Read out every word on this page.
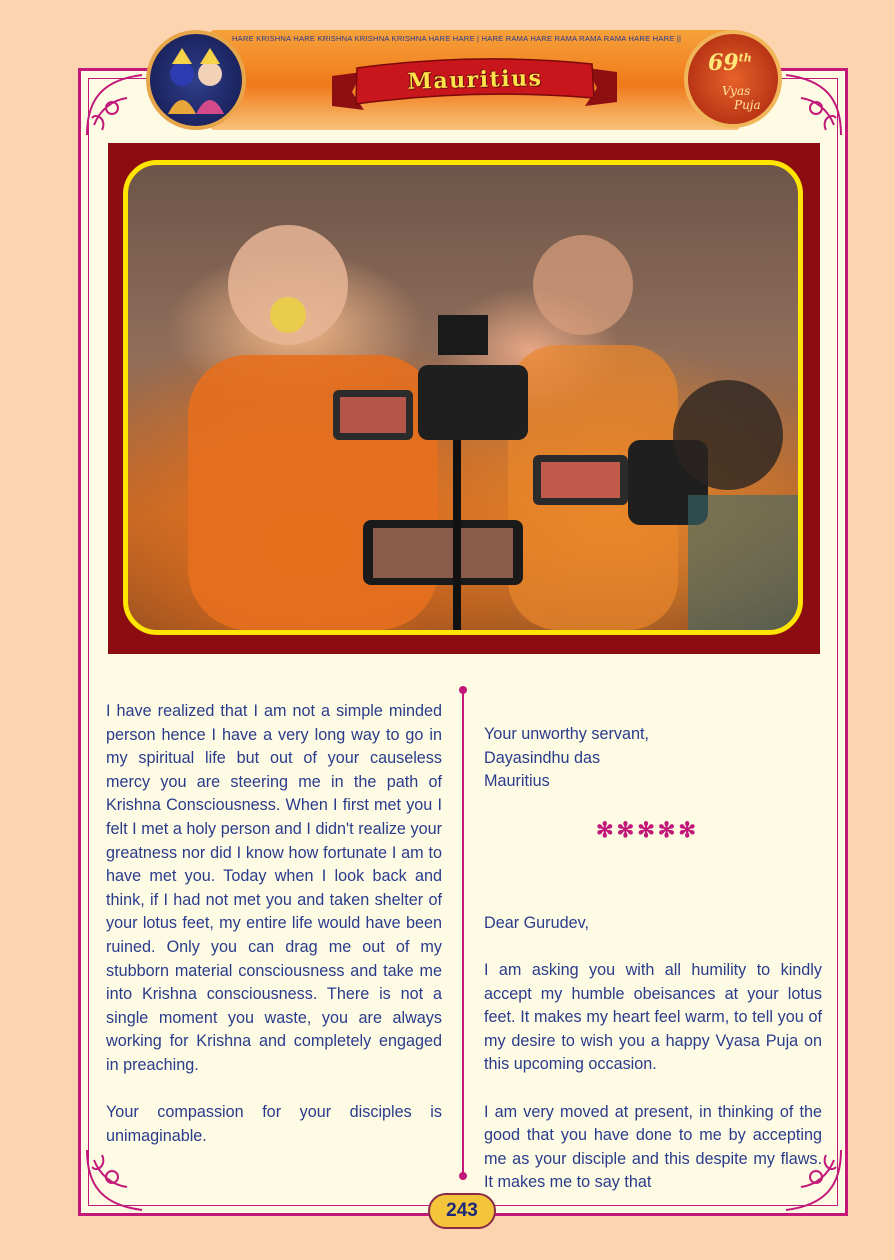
HARE KRISHNA HARE KRISHNA KRISHNA KRISHNA HARE HARE | HARE RAMA HARE RAMA RAMA RAMA HARE HARE ||
Mauritius
69th
Vyas
Puja

I have realized that I am not a simple minded person hence I have a very long way to go in my spiritual life but out of your causeless mercy you are steering me in the path of Krishna Consciousness. When I first met you I felt I met a holy person and I didn't realize your greatness nor did I know how fortunate I am to have met you. Today when I look back and think, if I had not met you and taken shelter of your lotus feet, my entire life would have been ruined. Only you can drag me out of my stubborn material consciousness and take me into Krishna consciousness. There is not a single moment you waste, you are always working for Krishna and completely engaged in preaching.

Your compassion for your disciples is unimaginable.

Your unworthy servant,

Dayasindhu das

Mauritius

Dear Gurudev,

I am asking you with all humility to kindly accept my humble obeisances at your lotus feet. It makes my heart feel warm, to tell you of my desire to wish you a happy Vyasa Puja on this upcoming occasion.

I am very moved at present, in thinking of the good that you have done to me by accepting me as your disciple and this despite my flaws. It makes me to say that

✻✻✻✻✻
243
